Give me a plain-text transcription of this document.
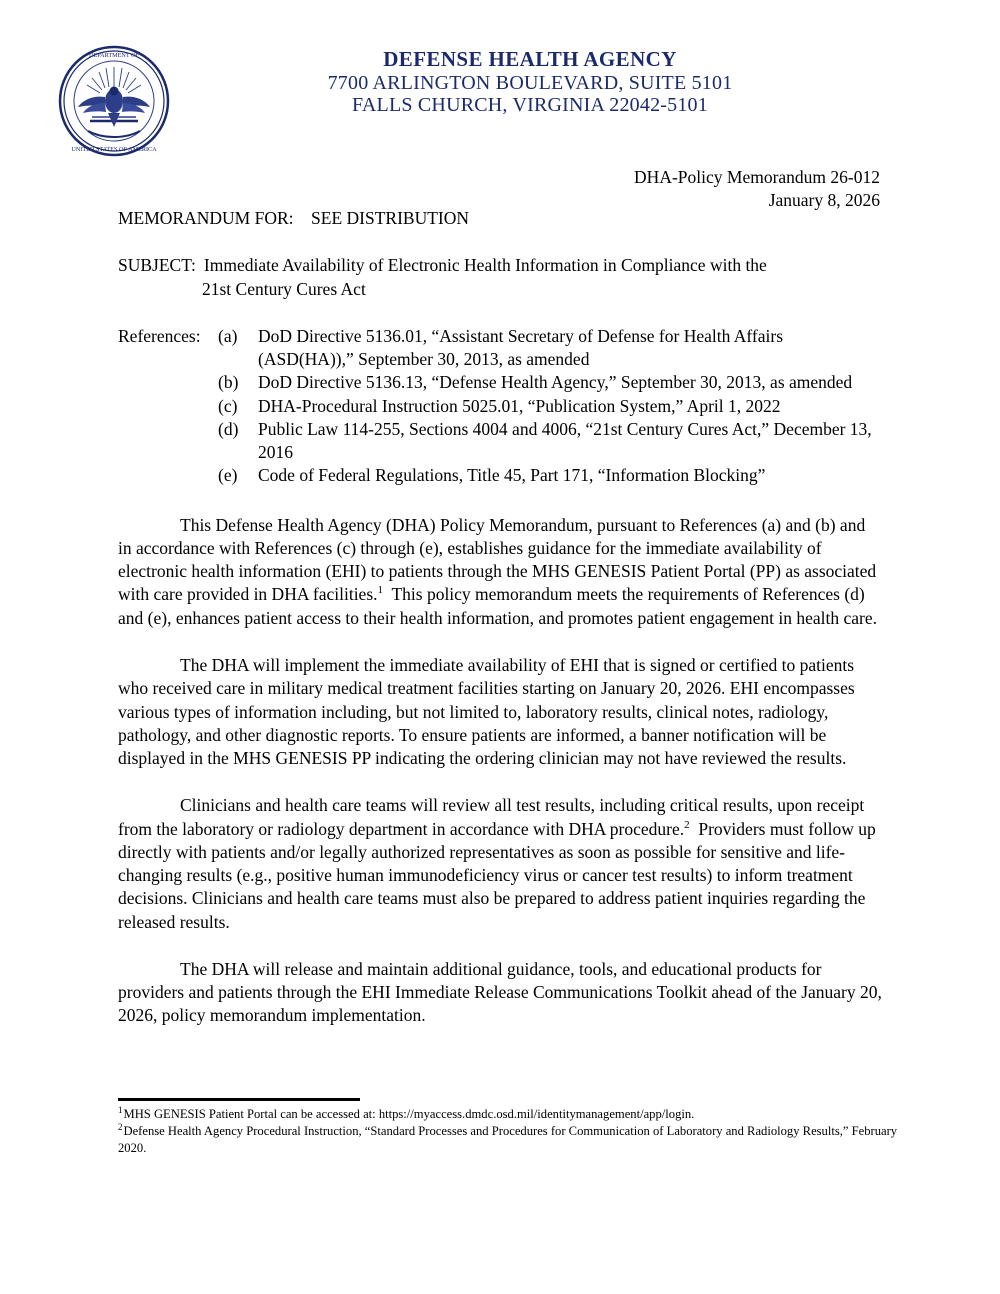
DEPARTMENT OF
UNITED STATES OF AMERICA
DEFENSE HEALTH AGENCY
7700 ARLINGTON BOULEVARD, SUITE 5101
FALLS CHURCH, VIRGINIA 22042-5101
DHA-Policy Memorandum 26-012
January 8, 2026
MEMORANDUM FOR: SEE DISTRIBUTION
SUBJECT: Immediate Availability of Electronic Health Information in Compliance with the
21st Century Cures Act
References: (a)	DoD Directive 5136.01, “Assistant Secretary of Defense for Health Affairs (ASD(HA)),” September 30, 2013, as amended
(b)	DoD Directive 5136.13, “Defense Health Agency,” September 30, 2013, as amended
(c)	DHA-Procedural Instruction 5025.01, “Publication System,” April 1, 2022
(d)	Public Law 114-255, Sections 4004 and 4006, “21st Century Cures Act,” December 13, 2016
(e)	Code of Federal Regulations, Title 45, Part 171, “Information Blocking”

This Defense Health Agency (DHA) Policy Memorandum, pursuant to References (a) and (b) and in accordance with References (c) through (e), establishes guidance for the immediate availability of electronic health information (EHI) to patients through the MHS GENESIS Patient Portal (PP) as associated with care provided in DHA facilities.$^1$ This policy memorandum meets the requirements of References (d) and (e), enhances patient access to their health information, and promotes patient engagement in health care.

The DHA will implement the immediate availability of EHI that is signed or certified to patients who received care in military medical treatment facilities starting on January 20, 2026. EHI encompasses various types of information including, but not limited to, laboratory results, clinical notes, radiology, pathology, and other diagnostic reports. To ensure patients are informed, a banner notification will be displayed in the MHS GENESIS PP indicating the ordering clinician may not have reviewed the results.

Clinicians and health care teams will review all test results, including critical results, upon receipt from the laboratory or radiology department in accordance with DHA procedure.$^2$ Providers must follow up directly with patients and/or legally authorized representatives as soon as possible for sensitive and life-changing results (e.g., positive human immunodeficiency virus or cancer test results) to inform treatment decisions. Clinicians and health care teams must also be prepared to address patient inquiries regarding the released results.

The DHA will release and maintain additional guidance, tools, and educational products for providers and patients through the EHI Immediate Release Communications Toolkit ahead of the January 20, 2026, policy memorandum implementation.

$^1$MHS GENESIS Patient Portal can be accessed at: https://myaccess.dmdc.osd.mil/identitymanagement/app/login.
$^2$Defense Health Agency Procedural Instruction, “Standard Processes and Procedures for Communication of Laboratory and Radiology Results,” February 2020.
